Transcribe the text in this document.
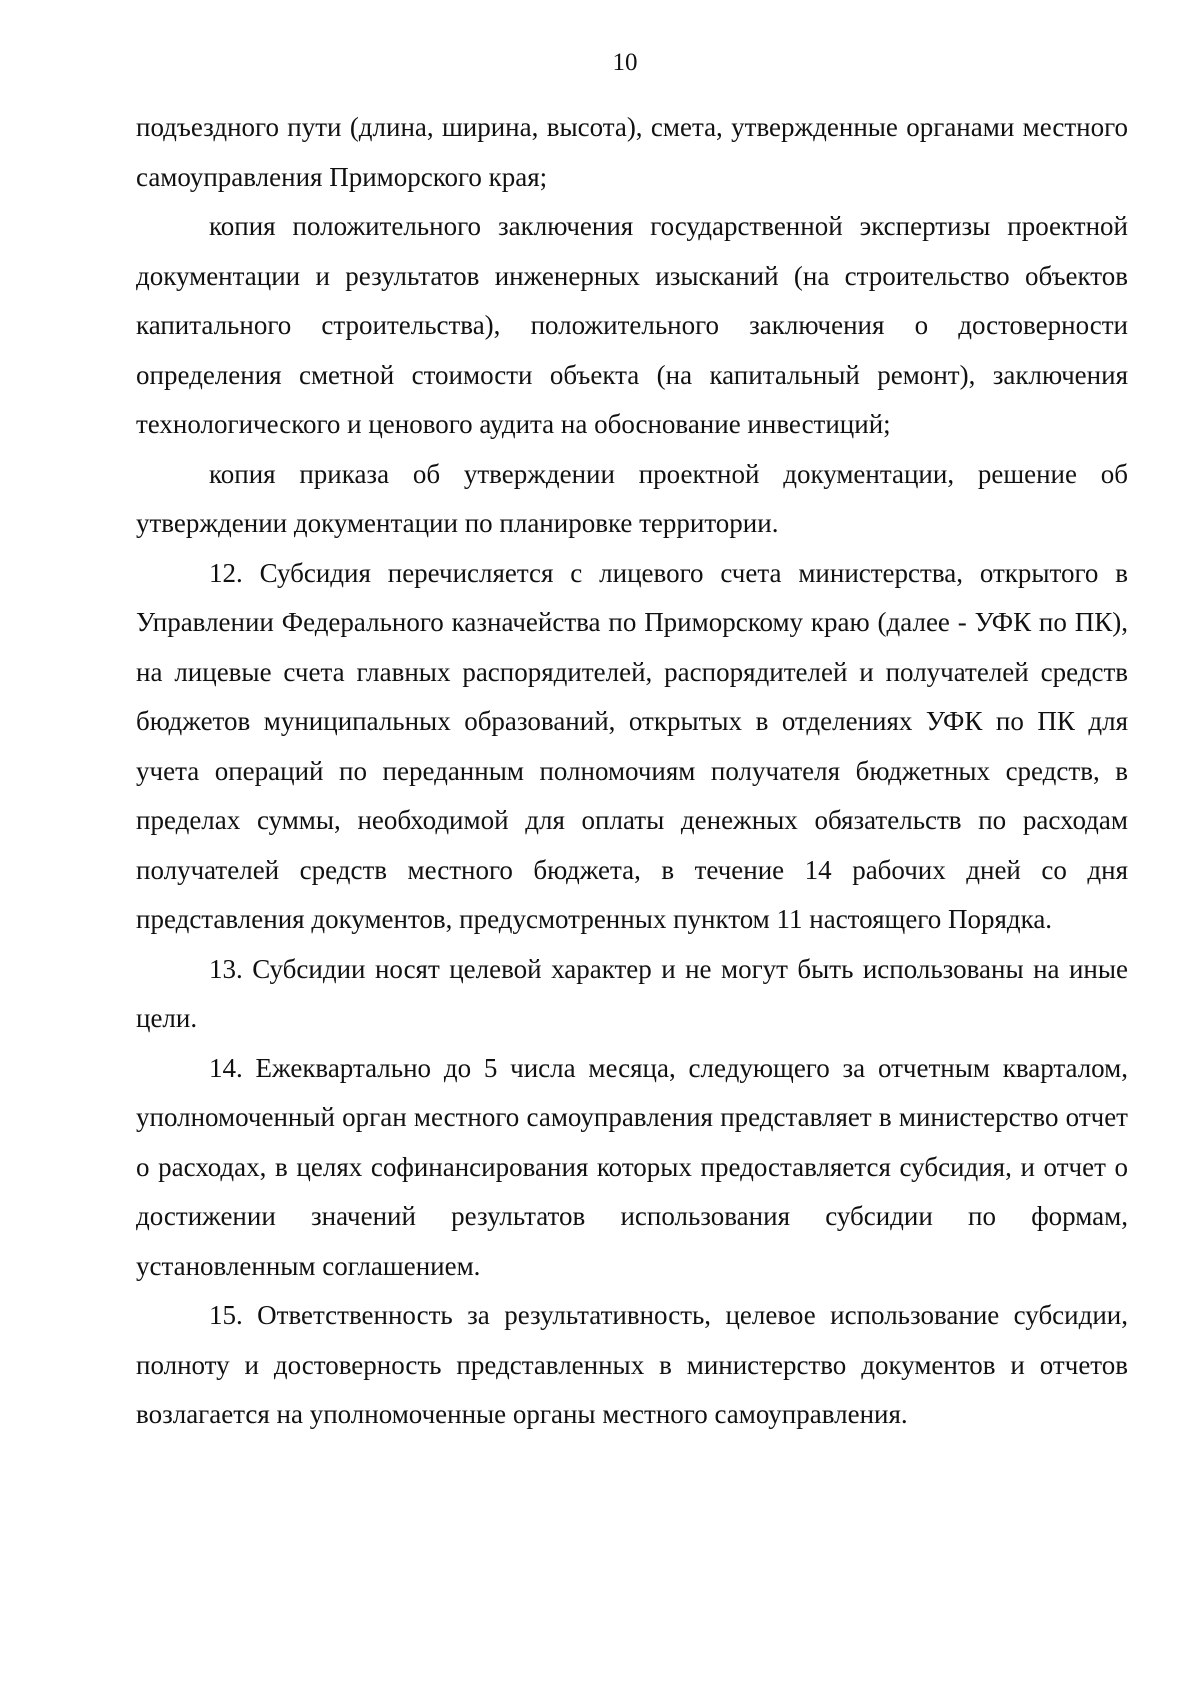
10

подъездного пути (длина, ширина, высота), смета, утвержденные органами местного самоуправления Приморского края;

копия положительного заключения государственной экспертизы проектной документации и результатов инженерных изысканий (на строительство объектов капитального строительства), положительного заключения о достоверности определения сметной стоимости объекта (на капитальный ремонт), заключения технологического и ценового аудита на обоснование инвестиций;

копия приказа об утверждении проектной документации, решение об утверждении документации по планировке территории.

12. Субсидия перечисляется с лицевого счета министерства, открытого в Управлении Федерального казначейства по Приморскому краю (далее - УФК по ПК), на лицевые счета главных распорядителей, распорядителей и получателей средств бюджетов муниципальных образований, открытых в отделениях УФК по ПК для учета операций по переданным полномочиям получателя бюджетных средств, в пределах суммы, необходимой для оплаты денежных обязательств по расходам получателей средств местного бюджета, в течение 14 рабочих дней со дня представления документов, предусмотренных пунктом 11 настоящего Порядка.

13. Субсидии носят целевой характер и не могут быть использованы на иные цели.

14. Ежеквартально до 5 числа месяца, следующего за отчетным кварталом, уполномоченный орган местного самоуправления представляет в министерство отчет о расходах, в целях софинансирования которых предоставляется субсидия, и отчет о достижении значений результатов использования субсидии по формам, установленным соглашением.

15. Ответственность за результативность, целевое использование субсидии, полноту и достоверность представленных в министерство документов и отчетов возлагается на уполномоченные органы местного самоуправления.
